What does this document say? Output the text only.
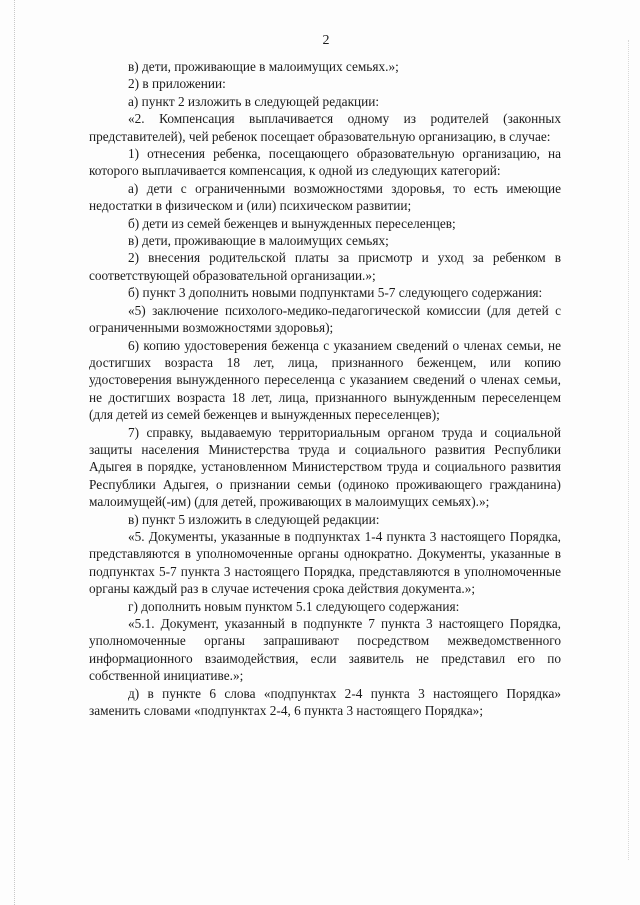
2

в) дети, проживающие в малоимущих семьях.»;

2) в приложении:

а) пункт 2 изложить в следующей редакции:

«2. Компенсация выплачивается одному из родителей (законных представителей), чей ребенок посещает образовательную организацию, в случае:

1) отнесения ребенка, посещающего образовательную организацию, на которого выплачивается компенсация, к одной из следующих категорий:

а) дети с ограниченными возможностями здоровья, то есть имеющие недостатки в физическом и (или) психическом развитии;

б) дети из семей беженцев и вынужденных переселенцев;

в) дети, проживающие в малоимущих семьях;

2) внесения родительской платы за присмотр и уход за ребенком в соответствующей образовательной организации.»;

б) пункт 3 дополнить новыми подпунктами 5-7 следующего содержания:

«5) заключение психолого-медико-педагогической комиссии (для детей с ограниченными возможностями здоровья);

6) копию удостоверения беженца с указанием сведений о членах семьи, не достигших возраста 18 лет, лица, признанного беженцем, или копию удостоверения вынужденного переселенца с указанием сведений о членах семьи, не достигших возраста 18 лет, лица, признанного вынужденным переселенцем (для детей из семей беженцев и вынужденных переселенцев);

7) справку, выдаваемую территориальным органом труда и социальной защиты населения Министерства труда и социального развития Республики Адыгея в порядке, установленном Министерством труда и социального развития Республики Адыгея, о признании семьи (одиноко проживающего гражданина) малоимущей(-им) (для детей, проживающих в малоимущих семьях).»;

в) пункт 5 изложить в следующей редакции:

«5. Документы, указанные в подпунктах 1-4 пункта 3 настоящего Порядка, представляются в уполномоченные органы однократно. Документы, указанные в подпунктах 5-7 пункта 3 настоящего Порядка, представляются в уполномоченные органы каждый раз в случае истечения срока действия документа.»;

г) дополнить новым пунктом 5.1 следующего содержания:

«5.1. Документ, указанный в подпункте 7 пункта 3 настоящего Порядка, уполномоченные органы запрашивают посредством межведомственного информационного взаимодействия, если заявитель не представил его по собственной инициативе.»;

д) в пункте 6 слова «подпунктах 2-4 пункта 3 настоящего Порядка» заменить словами «подпунктах 2-4, 6 пункта 3 настоящего Порядка»;
